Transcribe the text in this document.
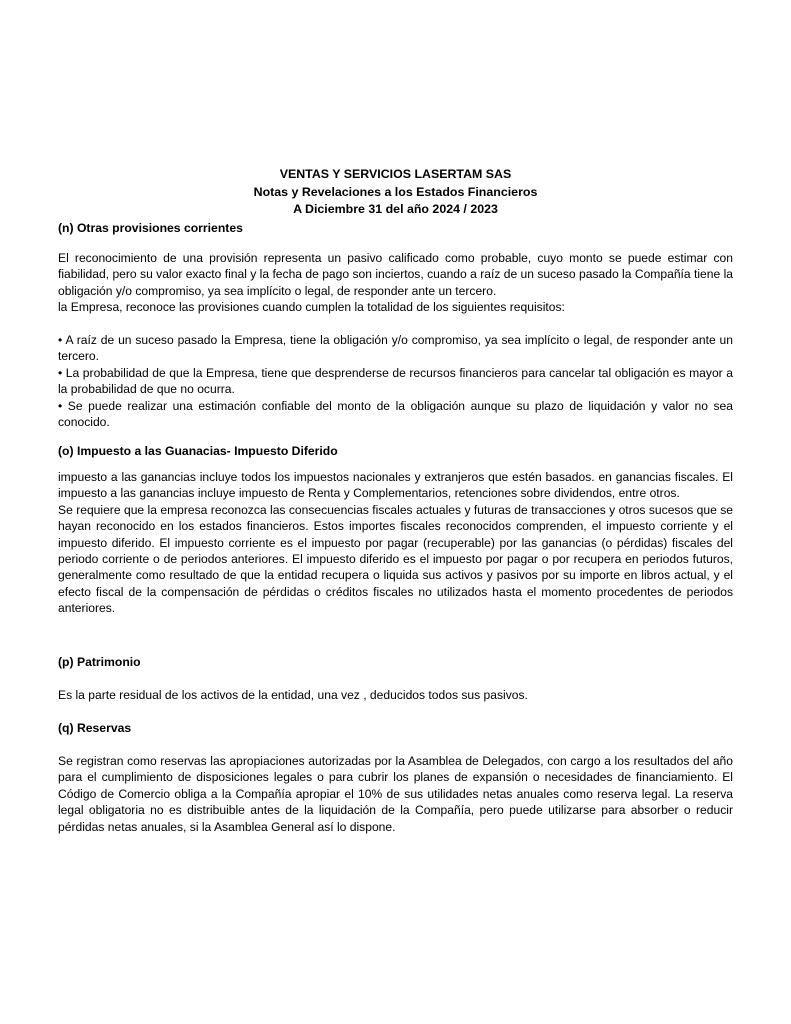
VENTAS Y SERVICIOS LASERTAM SAS
Notas y Revelaciones a los Estados Financieros
A Diciembre 31 del año 2024 / 2023

(n) Otras provisiones corrientes

El reconocimiento de una provisión representa un pasivo calificado como probable, cuyo monto se puede estimar con fiabilidad, pero su valor exacto final y la fecha de pago son inciertos, cuando a raíz de un suceso pasado la Compañía tiene la obligación y/o compromiso, ya sea implícito o legal, de responder ante un tercero.

la Empresa, reconoce las provisiones cuando cumplen la totalidad de los siguientes requisitos:

• A raíz de un suceso pasado la Empresa, tiene la obligación y/o compromiso, ya sea implícito o legal, de responder ante un tercero.

• La probabilidad de que la Empresa, tiene que desprenderse de recursos financieros para cancelar tal obligación es mayor a la probabilidad de que no ocurra.

• Se puede realizar una estimación confiable del monto de la obligación aunque su plazo de liquidación y valor no sea conocido.

(o) Impuesto a las Guanacias- Impuesto Diferido

impuesto a las ganancias incluye todos los impuestos nacionales y extranjeros que estén basados. en ganancias fiscales. El impuesto a las ganancias incluye impuesto de Renta y Complementarios, retenciones sobre dividendos, entre otros.

Se requiere que la empresa reconozca las consecuencias fiscales actuales y futuras de transacciones y otros sucesos que se hayan reconocido en los estados financieros. Estos importes fiscales reconocidos comprenden, el impuesto corriente y el impuesto diferido. El impuesto corriente es el impuesto por pagar (recuperable) por las ganancias (o pérdidas) fiscales del periodo corriente o de periodos anteriores. El impuesto diferido es el impuesto por pagar o por recupera en periodos futuros, generalmente como resultado de que la entidad recupera o liquida sus activos y pasivos por su importe en libros actual, y el efecto fiscal de la compensación de pérdidas o créditos fiscales no utilizados hasta el momento procedentes de periodos anteriores.

(p) Patrimonio

Es la parte residual de los activos de la entidad, una vez , deducidos todos sus pasivos.

(q) Reservas

Se registran como reservas las apropiaciones autorizadas por la Asamblea de Delegados, con cargo a los resultados del año para el cumplimiento de disposiciones legales o para cubrir los planes de expansión o necesidades de financiamiento. El Código de Comercio obliga a la Compañía apropiar el 10% de sus utilidades netas anuales como reserva legal. La reserva legal obligatoria no es distribuible antes de la liquidación de la Compañía, pero puede utilizarse para absorber o reducir pérdidas netas anuales, si la Asamblea General así lo dispone.
